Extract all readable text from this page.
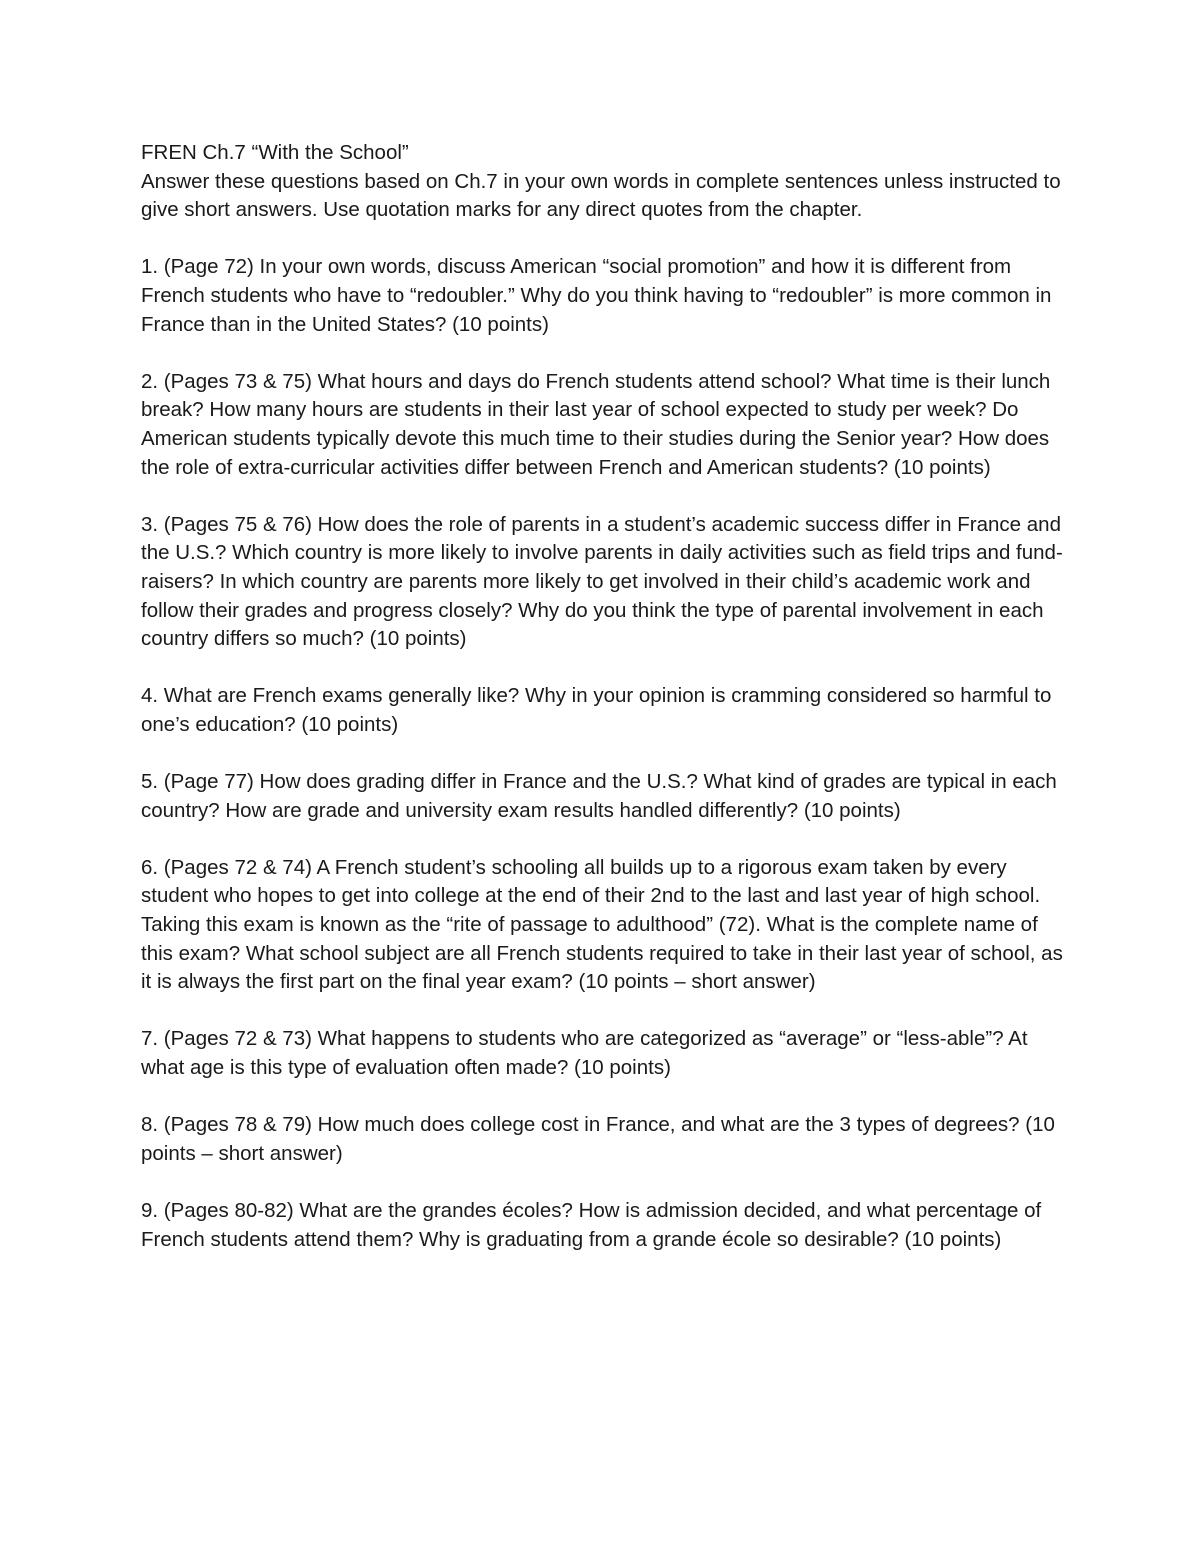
FREN Ch.7 “With the School”

Answer these questions based on Ch.7 in your own words in complete sentences unless instructed to give short answers. Use quotation marks for any direct quotes from the chapter.

1. (Page 72) In your own words, discuss American “social promotion” and how it is different from French students who have to “redoubler.” Why do you think having to “redoubler” is more common in France than in the United States? (10 points)

2. (Pages 73 & 75) What hours and days do French students attend school? What time is their lunch break? How many hours are students in their last year of school expected to study per week? Do American students typically devote this much time to their studies during the Senior year? How does the role of extra-curricular activities differ between French and American students? (10 points)

3. (Pages 75 & 76) How does the role of parents in a student’s academic success differ in France and the U.S.? Which country is more likely to involve parents in daily activities such as field trips and fund-raisers? In which country are parents more likely to get involved in their child’s academic work and follow their grades and progress closely? Why do you think the type of parental involvement in each country differs so much? (10 points)

4. What are French exams generally like? Why in your opinion is cramming considered so harmful to one’s education? (10 points)

5. (Page 77) How does grading differ in France and the U.S.? What kind of grades are typical in each country? How are grade and university exam results handled differently? (10 points)

6. (Pages 72 & 74) A French student’s schooling all builds up to a rigorous exam taken by every student who hopes to get into college at the end of their 2nd to the last and last year of high school. Taking this exam is known as the “rite of passage to adulthood” (72). What is the complete name of this exam? What school subject are all French students required to take in their last year of school, as it is always the first part on the final year exam? (10 points – short answer)

7. (Pages 72 & 73) What happens to students who are categorized as “average” or “less-able”? At what age is this type of evaluation often made? (10 points)

8. (Pages 78 & 79) How much does college cost in France, and what are the 3 types of degrees? (10 points – short answer)

9. (Pages 80-82) What are the grandes écoles? How is admission decided, and what percentage of French students attend them? Why is graduating from a grande école so desirable? (10 points)
